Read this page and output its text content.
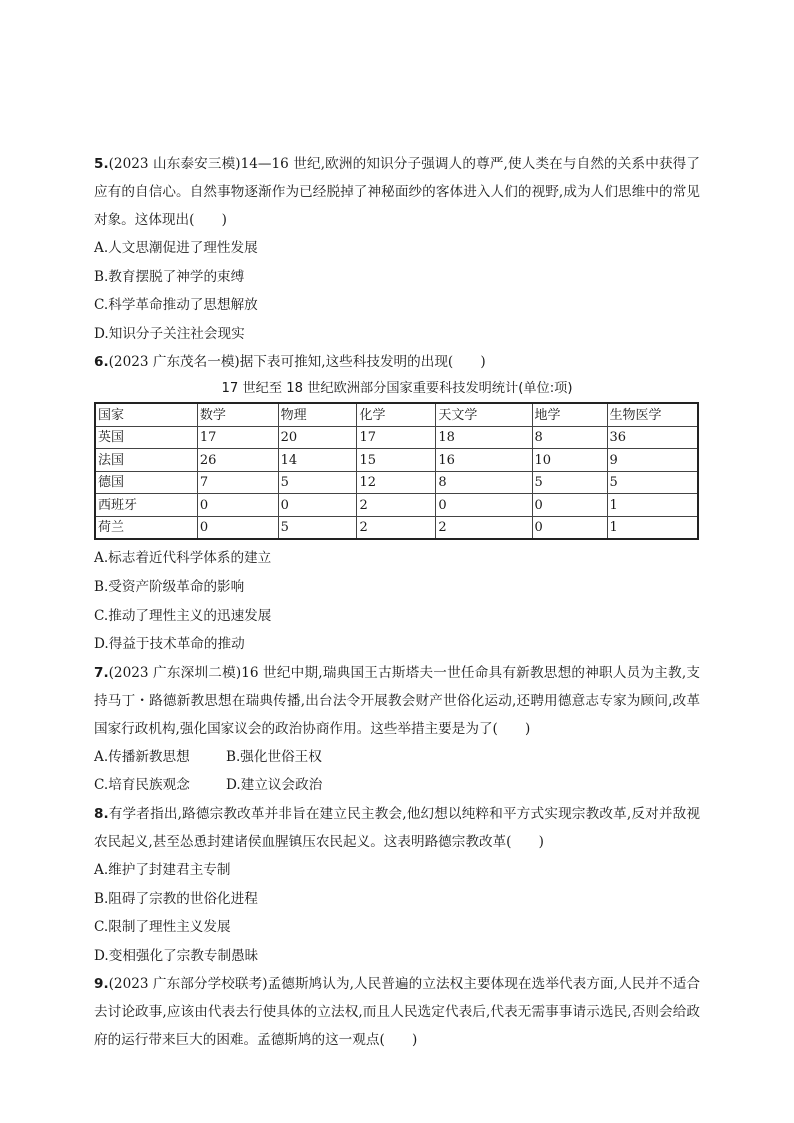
5.(2023 山东泰安三模)14—16 世纪,欧洲的知识分子强调人的尊严,使人类在与自然的关系中获得了应有的自信心。自然事物逐渐作为已经脱掉了神秘面纱的客体进入人们的视野,成为人们思维中的常见对象。这体现出(　　)

A.人文思潮促进了理性发展

B.教育摆脱了神学的束缚

C.科学革命推动了思想解放

D.知识分子关注社会现实

6.(2023 广东茂名一模)据下表可推知,这些科技发明的出现(　　)

17 世纪至 18 世纪欧洲部分国家重要科技发明统计(单位:项)
国家	数学	物理	化学	天文学	地学	生物医学
英国	17	20	17	18	8	36
法国	26	14	15	16	10	9
德国	7	5	12	8	5	5
西班牙	0	0	2	0	0	1
荷兰	0	5	2	2	0	1

A.标志着近代科学体系的建立

B.受资产阶级革命的影响

C.推动了理性主义的迅速发展

D.得益于技术革命的推动

7.(2023 广东深圳二模)16 世纪中期,瑞典国王古斯塔夫一世任命具有新教思想的神职人员为主教,支持马丁・路德新教思想在瑞典传播,出台法令开展教会财产世俗化运动,还聘用德意志专家为顾问,改革国家行政机构,强化国家议会的政治协商作用。这些举措主要是为了(　　)

A.传播新教思想	B.强化世俗王权

C.培育民族观念	D.建立议会政治

8.有学者指出,路德宗教改革并非旨在建立民主教会,他幻想以纯粹和平方式实现宗教改革,反对并敌视农民起义,甚至怂恿封建诸侯血腥镇压农民起义。这表明路德宗教改革(　　)

A.维护了封建君主专制

B.阻碍了宗教的世俗化进程

C.限制了理性主义发展

D.变相强化了宗教专制愚昧

9.(2023 广东部分学校联考)孟德斯鸠认为,人民普遍的立法权主要体现在选举代表方面,人民并不适合去讨论政事,应该由代表去行使具体的立法权,而且人民选定代表后,代表无需事事请示选民,否则会给政府的运行带来巨大的困难。孟德斯鸠的这一观点(　　)
